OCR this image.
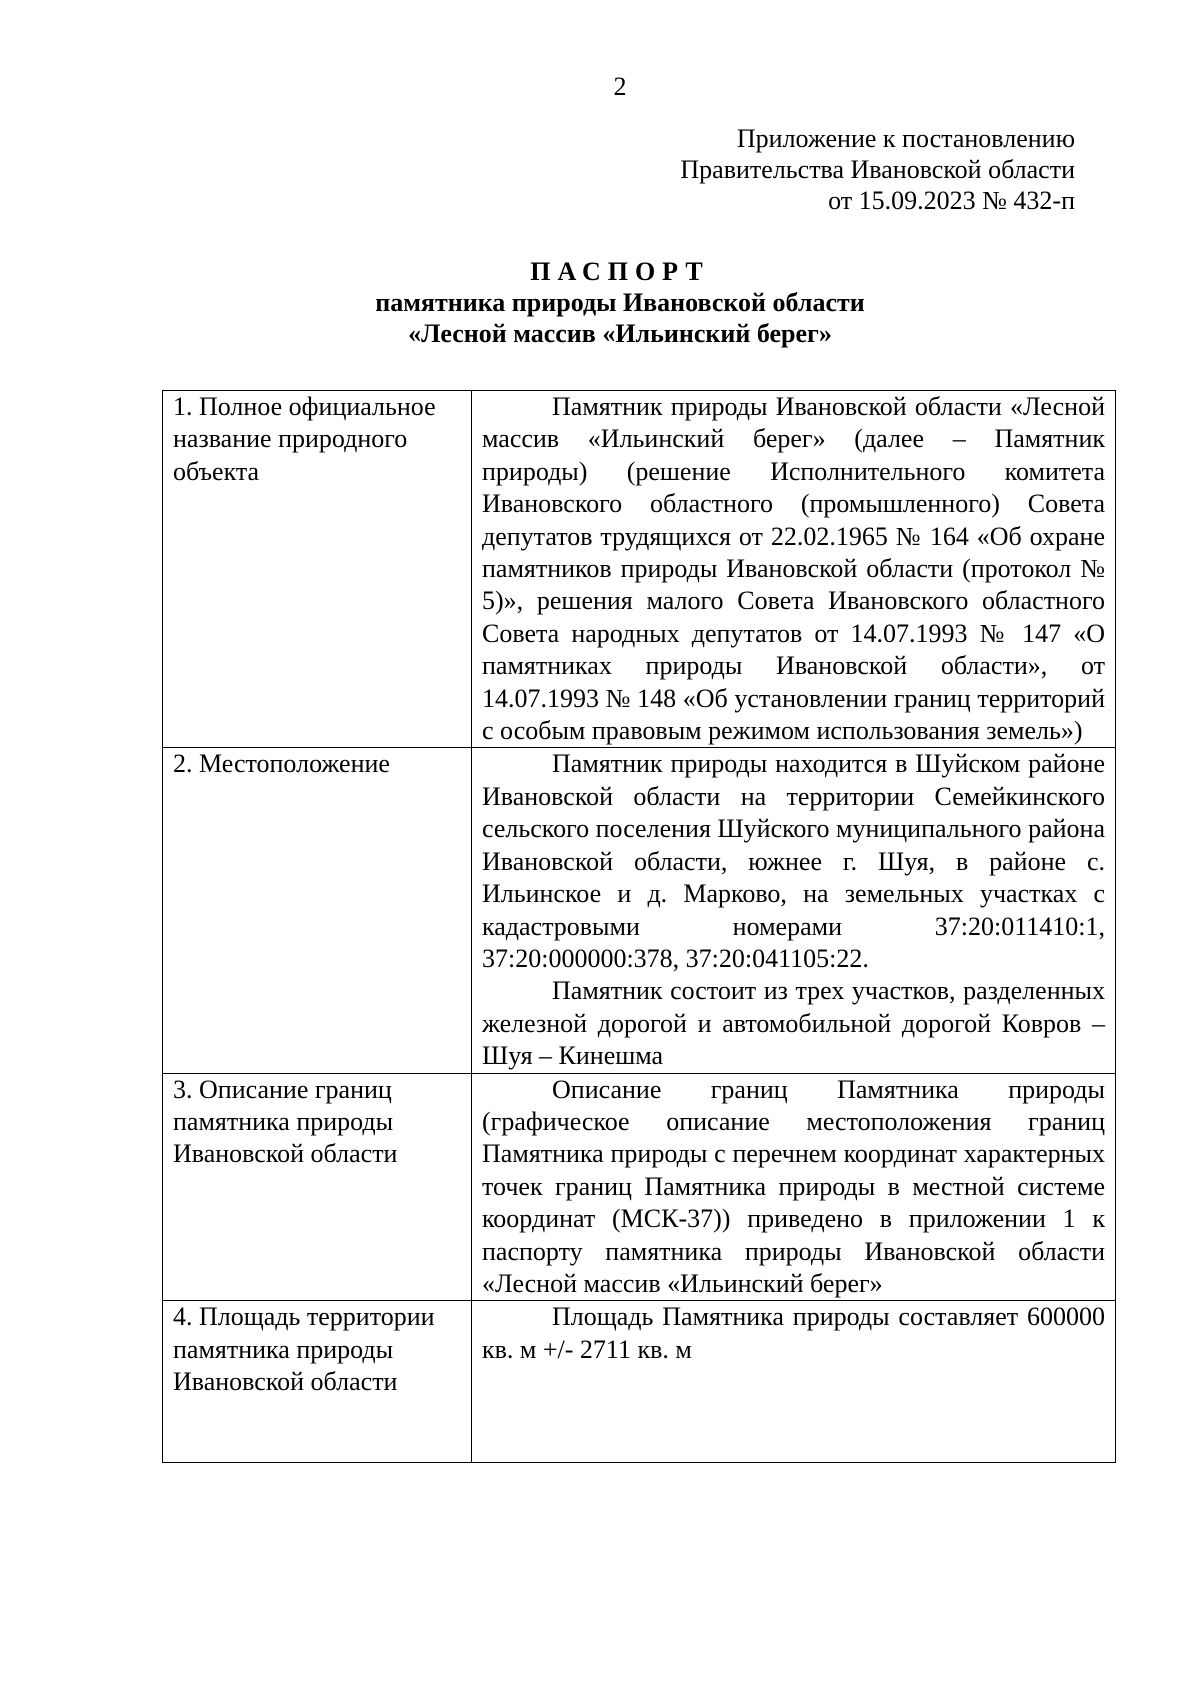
2
Приложение к постановлению
Правительства Ивановской области
от 15.09.2023 № 432-п
ПАСПОРТ
памятника природы Ивановской области
«Лесной массив «Ильинский берег»
1. Полное официальное название природного объекта	Памятник природы Ивановской области «Лесной массив «Ильинский берег» (далее – Памятник природы) (решение Исполнительного комитета Ивановского областного (промышленного) Совета депутатов трудящихся от 22.02.1965 № 164 «Об охране памятников природы Ивановской области (протокол № 5)», решения малого Совета Ивановского областного Совета народных депутатов от 14.07.1993 № 147 «О памятниках природы Ивановской области», от 14.07.1993 № 148 «Об установлении границ территорий с особым правовым режимом использования земель»)

2. Местоположение	Памятник природы находится в Шуйском районе Ивановской области на территории Семейкинского сельского поселения Шуйского муниципального района Ивановской области, южнее г. Шуя, в районе с. Ильинское и д. Марково, на земельных участках с кадастровыми номерами 37:20:011410:1, 37:20:000000:378, 37:20:041105:22.

Памятник состоит из трех участков, разделенных железной дорогой и автомобильной дорогой Ковров – Шуя – Кинешма

3. Описание границ памятника природы Ивановской области	Описание границ Памятника природы (графическое описание местоположения границ Памятника природы с перечнем координат характерных точек границ Памятника природы в местной системе координат (МСК-37)) приведено в приложении 1 к паспорту памятника природы Ивановской области «Лесной массив «Ильинский берег»

4. Площадь территории памятника природы Ивановской области	Площадь Памятника природы составляет 600000  кв. м +/- 2711 кв. м
